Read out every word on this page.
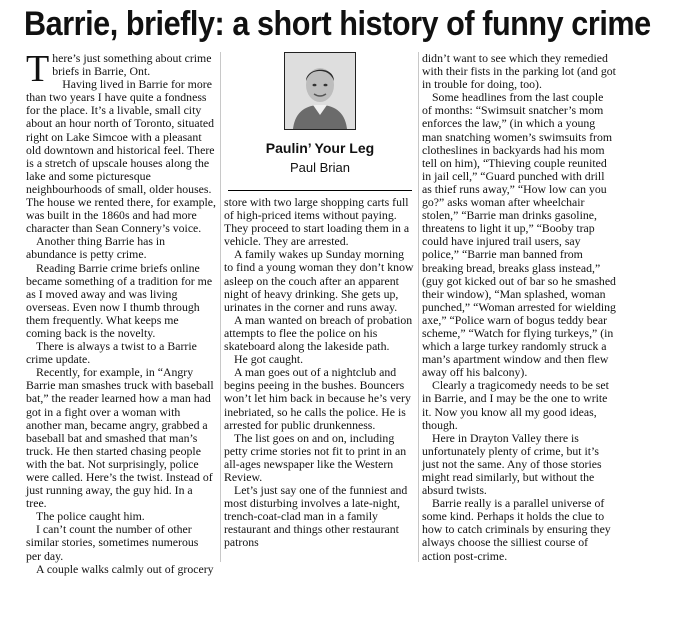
Barrie, briefly: a short history of funny crime

There’s just something about crime briefs in Barrie, Ont.

Having lived in Barrie for more than two years I have quite a fondness for the place. It’s a livable, small city about an hour north of Toronto, situated right on Lake Simcoe with a pleasant old downtown and historical feel. There is a stretch of upscale houses along the lake and some picturesque neighbourhoods of small, older houses. The house we rented there, for example, was built in the 1860s and had more character than Sean Connery’s voice.

Another thing Barrie has in abundance is petty crime.

Reading Barrie crime briefs online became something of a tradition for me as I moved away and was living overseas. Even now I thumb through them frequently. What keeps me coming back is the novelty.

There is always a twist to a Barrie crime update.

Recently, for example, in “Angry Barrie man smashes truck with baseball bat,” the reader learned how a man had got in a fight over a woman with another man, became angry, grabbed a baseball bat and smashed that man’s truck. He then started chasing people with the bat. Not surprisingly, police were called. Here’s the twist. Instead of just running away, the guy hid. In a tree.

The police caught him.

I can’t count the number of other similar stories, sometimes numerous per day.

A couple walks calmly out of grocery

Paulin’ Your Leg
Paul Brian

store with two large shopping carts full of high-priced items without paying. They proceed to start loading them in a vehicle. They are arrested.

A family wakes up Sunday morning to find a young woman they don’t know asleep on the couch after an apparent night of heavy drinking. She gets up, urinates in the corner and runs away.

A man wanted on breach of probation attempts to flee the police on his skateboard along the lakeside path.

He got caught.

A man goes out of a nightclub and begins peeing in the bushes. Bouncers won’t let him back in because he’s very inebriated, so he calls the police. He is arrested for public drunkenness.

The list goes on and on, including petty crime stories not fit to print in an all-ages newspaper like the Western Review.

Let’s just say one of the funniest and most disturbing involves a late-night, trench-coat-clad man in a family restaurant and things other restaurant patrons

didn’t want to see which they remedied with their fists in the parking lot (and got in trouble for doing, too).

Some headlines from the last couple of months: “Swimsuit snatcher’s mom enforces the law,” (in which a young man snatching women’s swimsuits from clotheslines in backyards had his mom tell on him), “Thieving couple reunited in jail cell,” “Guard punched with drill as thief runs away,” “How low can you go?” asks woman after wheelchair stolen,” “Barrie man drinks gasoline, threatens to light it up,” “Booby trap could have injured trail users, say police,” “Barrie man banned from breaking bread, breaks glass instead,” (guy got kicked out of bar so he smashed their window), “Man splashed, woman punched,” “Woman arrested for wielding axe,” “Police warn of bogus teddy bear scheme,” “Watch for flying turkeys,” (in which a large turkey randomly struck a man’s apartment window and then flew away off his balcony).

Clearly a tragicomedy needs to be set in Barrie, and I may be the one to write it. Now you know all my good ideas, though.

Here in Drayton Valley there is unfortunately plenty of crime, but it’s just not the same. Any of those stories might read similarly, but without the absurd twists.

Barrie really is a parallel universe of some kind. Perhaps it holds the clue to how to catch criminals by ensuring they always choose the silliest course of action post-crime.
